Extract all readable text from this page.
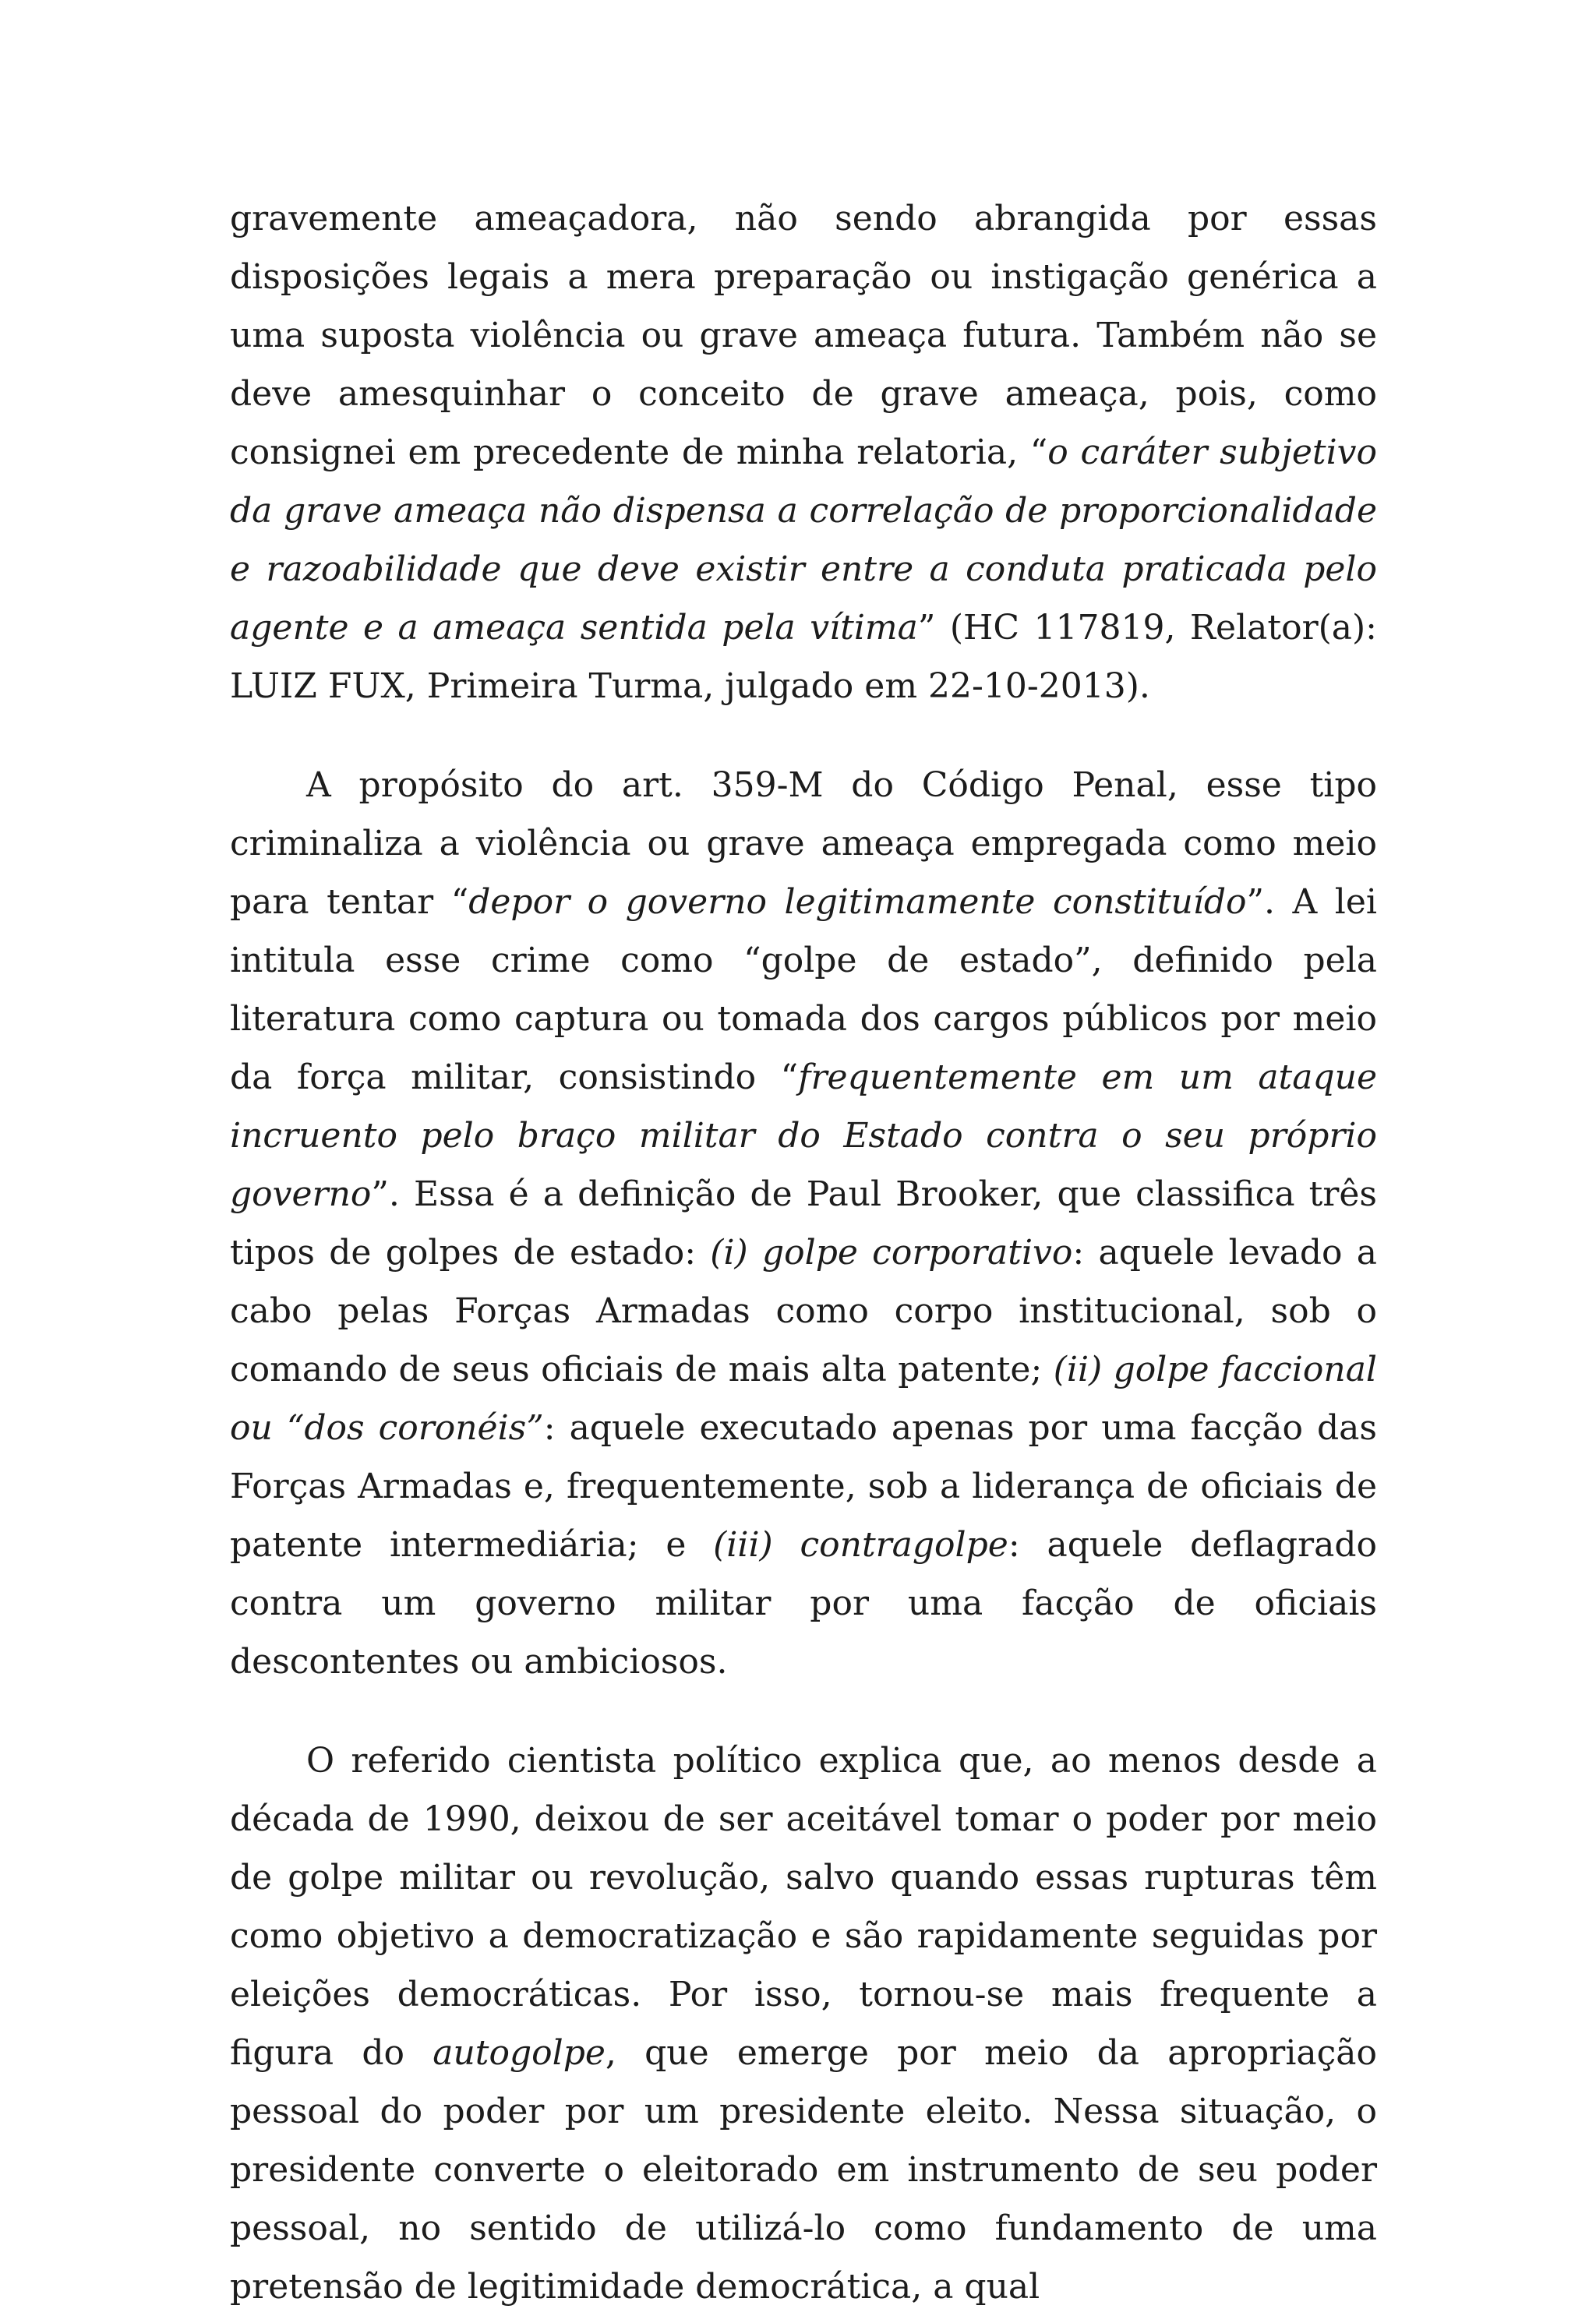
gravemente ameaçadora, não sendo abrangida por essas disposições legais a mera preparação ou instigação genérica a uma suposta violência ou grave ameaça futura. Também não se deve amesquinhar o conceito de grave ameaça, pois, como consignei em precedente de minha relatoria, “o caráter subjetivo da grave ameaça não dispensa a correlação de proporcionalidade e razoabilidade que deve existir entre a conduta praticada pelo agente e a ameaça sentida pela vítima” (HC 117819, Relator(a): LUIZ FUX, Primeira Turma, julgado em 22-10-2013).

A propósito do art. 359-M do Código Penal, esse tipo criminaliza a violência ou grave ameaça empregada como meio para tentar “depor o governo legitimamente constituído”. A lei intitula esse crime como “golpe de estado”, definido pela literatura como captura ou tomada dos cargos públicos por meio da força militar, consistindo “frequentemente em um ataque incruento pelo braço militar do Estado contra o seu próprio governo”. Essa é a definição de Paul Brooker, que classifica três tipos de golpes de estado: (i) golpe corporativo: aquele levado a cabo pelas Forças Armadas como corpo institucional, sob o comando de seus oficiais de mais alta patente; (ii) golpe faccional ou “dos coronéis”: aquele executado apenas por uma facção das Forças Armadas e, frequentemente, sob a liderança de oficiais de patente intermediária; e (iii) contragolpe: aquele deflagrado contra um governo militar por uma facção de oficiais descontentes ou ambiciosos.

O referido cientista político explica que, ao menos desde a década de 1990, deixou de ser aceitável tomar o poder por meio de golpe militar ou revolução, salvo quando essas rupturas têm como objetivo a democratização e são rapidamente seguidas por eleições democráticas. Por isso, tornou-se mais frequente a figura do autogolpe, que emerge por meio da apropriação pessoal do poder por um presidente eleito. Nessa situação, o presidente converte o eleitorado em instrumento de seu poder pessoal, no sentido de utilizá-lo como fundamento de uma pretensão de legitimidade democrática, a qual
